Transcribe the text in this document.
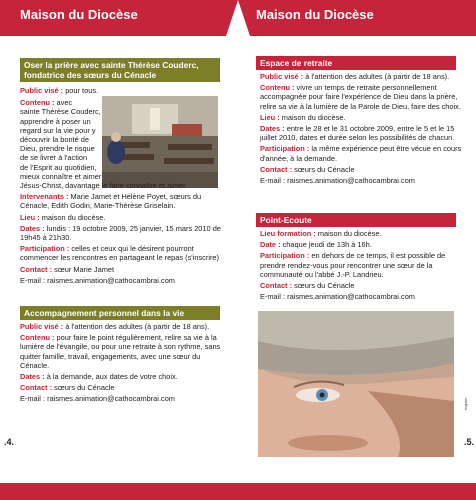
Maison du Diocèse
Oser la prière avec sainte Thérèse Couderc,
fondatrice des sœurs du Cénacle

Public visé : pour tous.

Contenu : avec
sainte Thérèse Couderc,
apprendre à poser un
regard sur la vie pour y
découvrir la bonté de
Dieu, prendre le risque
de se livrer à l'action
de l'Esprit au quotidien,
mieux connaître et aimer

Jésus-Christ, davantage le faire connaître et aimer.

Intervenants : Marie Jamet et Hélène Poyet, sœurs du Cénacle, Edith Godin, Marie-Thérèse Griselain.

Lieu : maison du diocèse.

Dates : lundis : 19 octobre 2009, 25 janvier, 15 mars 2010 de 19h45 à 21h30.

Participation : celles et ceux qui le désirent pourront commencer les rencontres en partageant le repas (s'inscrire)

Contact : sœur Marie Jamet

E-mail : raismes.animation@cathocambrai.com

Accompagnement personnel dans la vie

Public visé : à l'attention des adultes (à partir de 18 ans).

Contenu : pour faire le point régulièrement, relire sa vie à la lumière de l'évangile, ou pour une retraite à son rythme, sans quitter famille, travail, engagements, avec une sœur du Cénacle.

Dates : à la demande, aux dates de votre choix.

Contact : sœurs du Cénacle

E-mail : raismes.animation@cathocambrai.com

.4.
Maison du Diocèse
Espace de retraite

Public visé : à l'attention des adultes (à partir de 18 ans).

Contenu : vivre un temps de retraite personnellement accompagnée pour faire l'expérience de Dieu dans la prière, relire sa vie à la lumière de la Parole de Dieu, faire des choix.

Lieu : maison du diocèse.

Dates : entre le 28 et le 31 octobre 2009, entre le 5 et le 15 juillet 2010, dates et durée selon les possibilités de chacun.

Participation : la même expérience peut être vécue en cours d'année, à la demande.

Contact : sœurs du Cénacle

E-mail : raismes.animation@cathocambrai.com

Point-Ecoute

Lieu formation : maison du diocèse.

Date : chaque jeudi de 13h à 16h.

Participation : en dehors de ce temps, il est possible de prendre rendez-vous pour rencontrer une sœur de la communauté ou l'abbé J.-P. Landrieu.

Contact : sœurs du Cénacle

E-mail : raismes.animation@cathocambrai.com

.5.
Ingram
